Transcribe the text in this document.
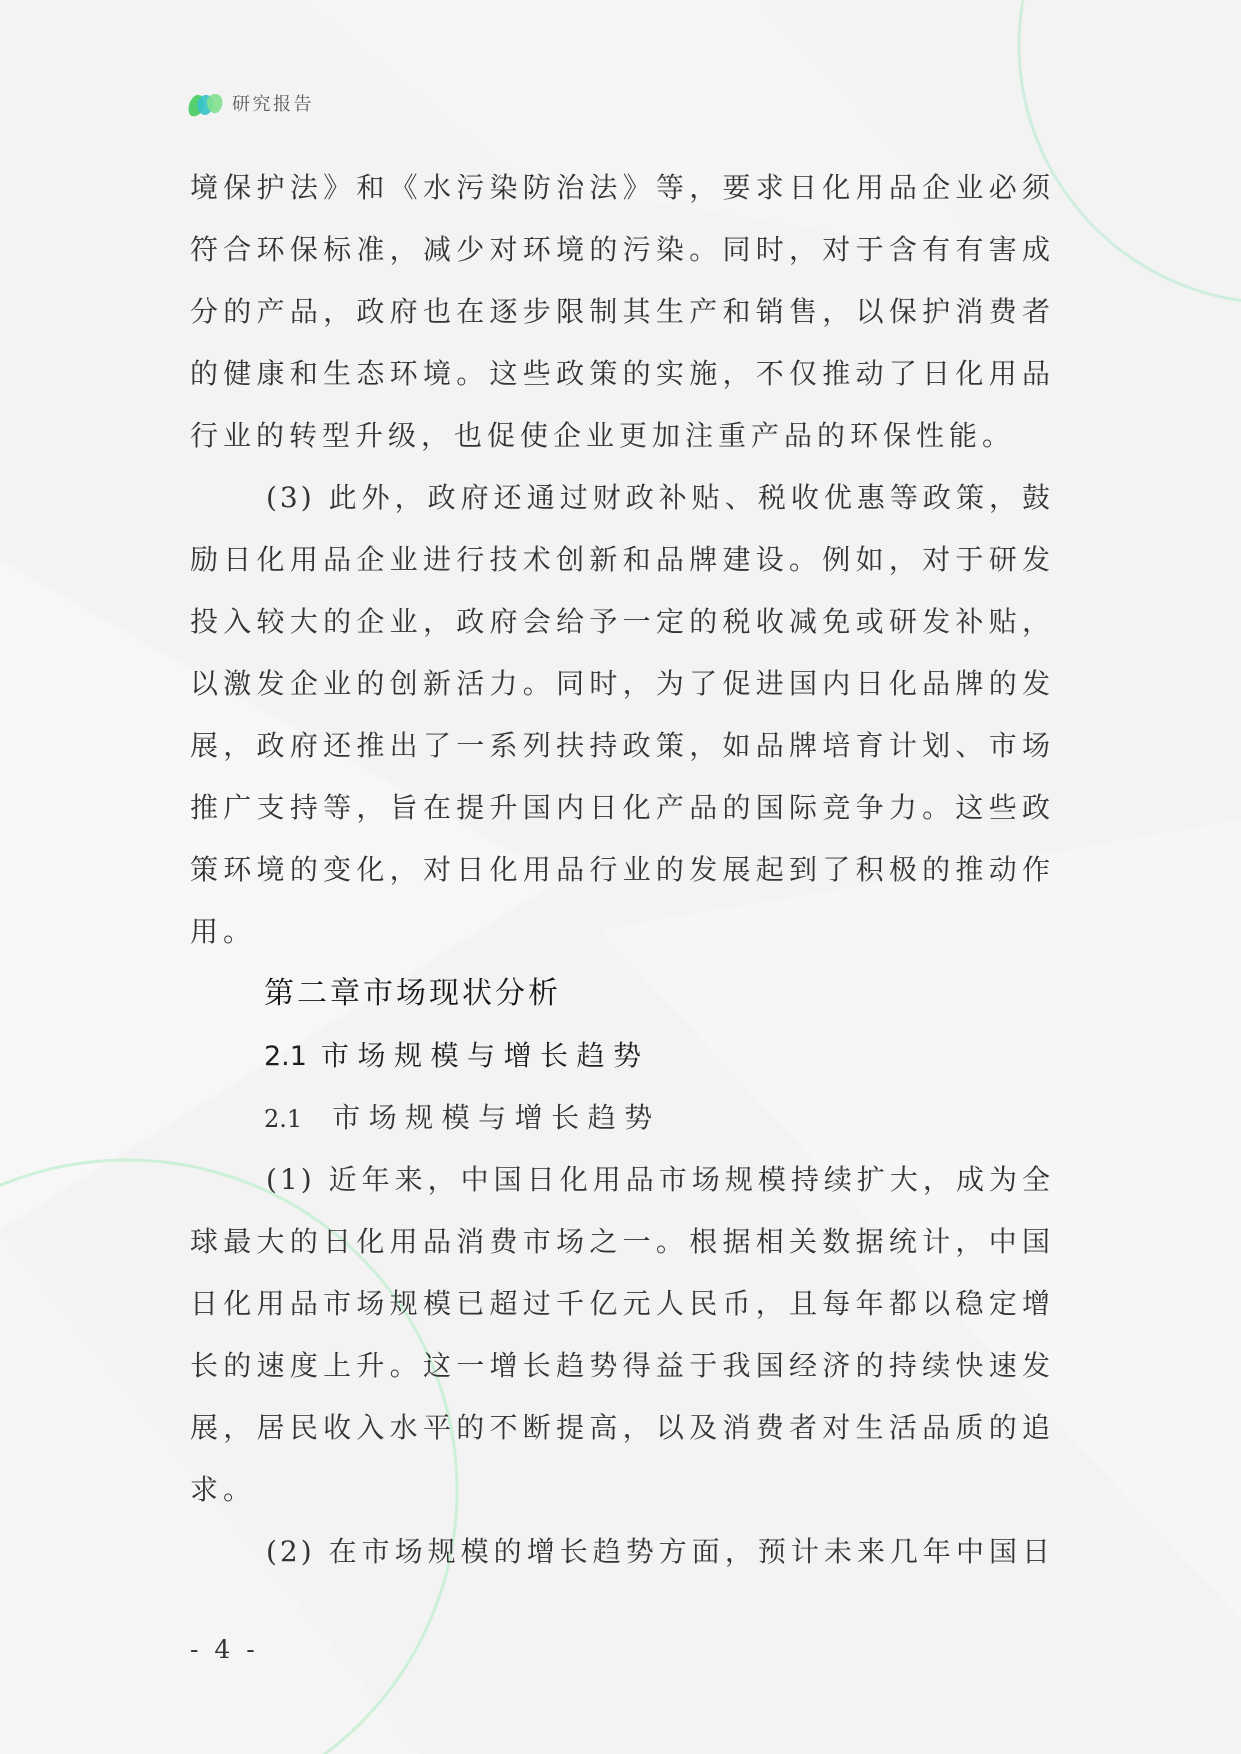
研究报告
境保护法》和《水污染防治法》等，要求日化用品企业必须
符合环保标准，减少对环境的污染。同时，对于含有有害成
分的产品，政府也在逐步限制其生产和销售，以保护消费者
的健康和生态环境。这些政策的实施，不仅推动了日化用品
行业的转型升级，也促使企业更加注重产品的环保性能。
(3) 此外，政府还通过财政补贴、税收优惠等政策，鼓
励日化用品企业进行技术创新和品牌建设。例如，对于研发
投入较大的企业，政府会给予一定的税收减免或研发补贴，
以激发企业的创新活力。同时，为了促进国内日化品牌的发
展，政府还推出了一系列扶持政策，如品牌培育计划、市场
推广支持等，旨在提升国内日化产品的国际竞争力。这些政
策环境的变化，对日化用品行业的发展起到了积极的推动作
用。
第二章市场现状分析
2.1 市场规模与增长趋势
2.1 市场规模与增长趋势
(1) 近年来，中国日化用品市场规模持续扩大，成为全
球最大的日化用品消费市场之一。根据相关数据统计，中国
日化用品市场规模已超过千亿元人民币，且每年都以稳定增
长的速度上升。这一增长趋势得益于我国经济的持续快速发
展，居民收入水平的不断提高，以及消费者对生活品质的追
求。
(2) 在市场规模的增长趋势方面，预计未来几年中国日
- 4 -
